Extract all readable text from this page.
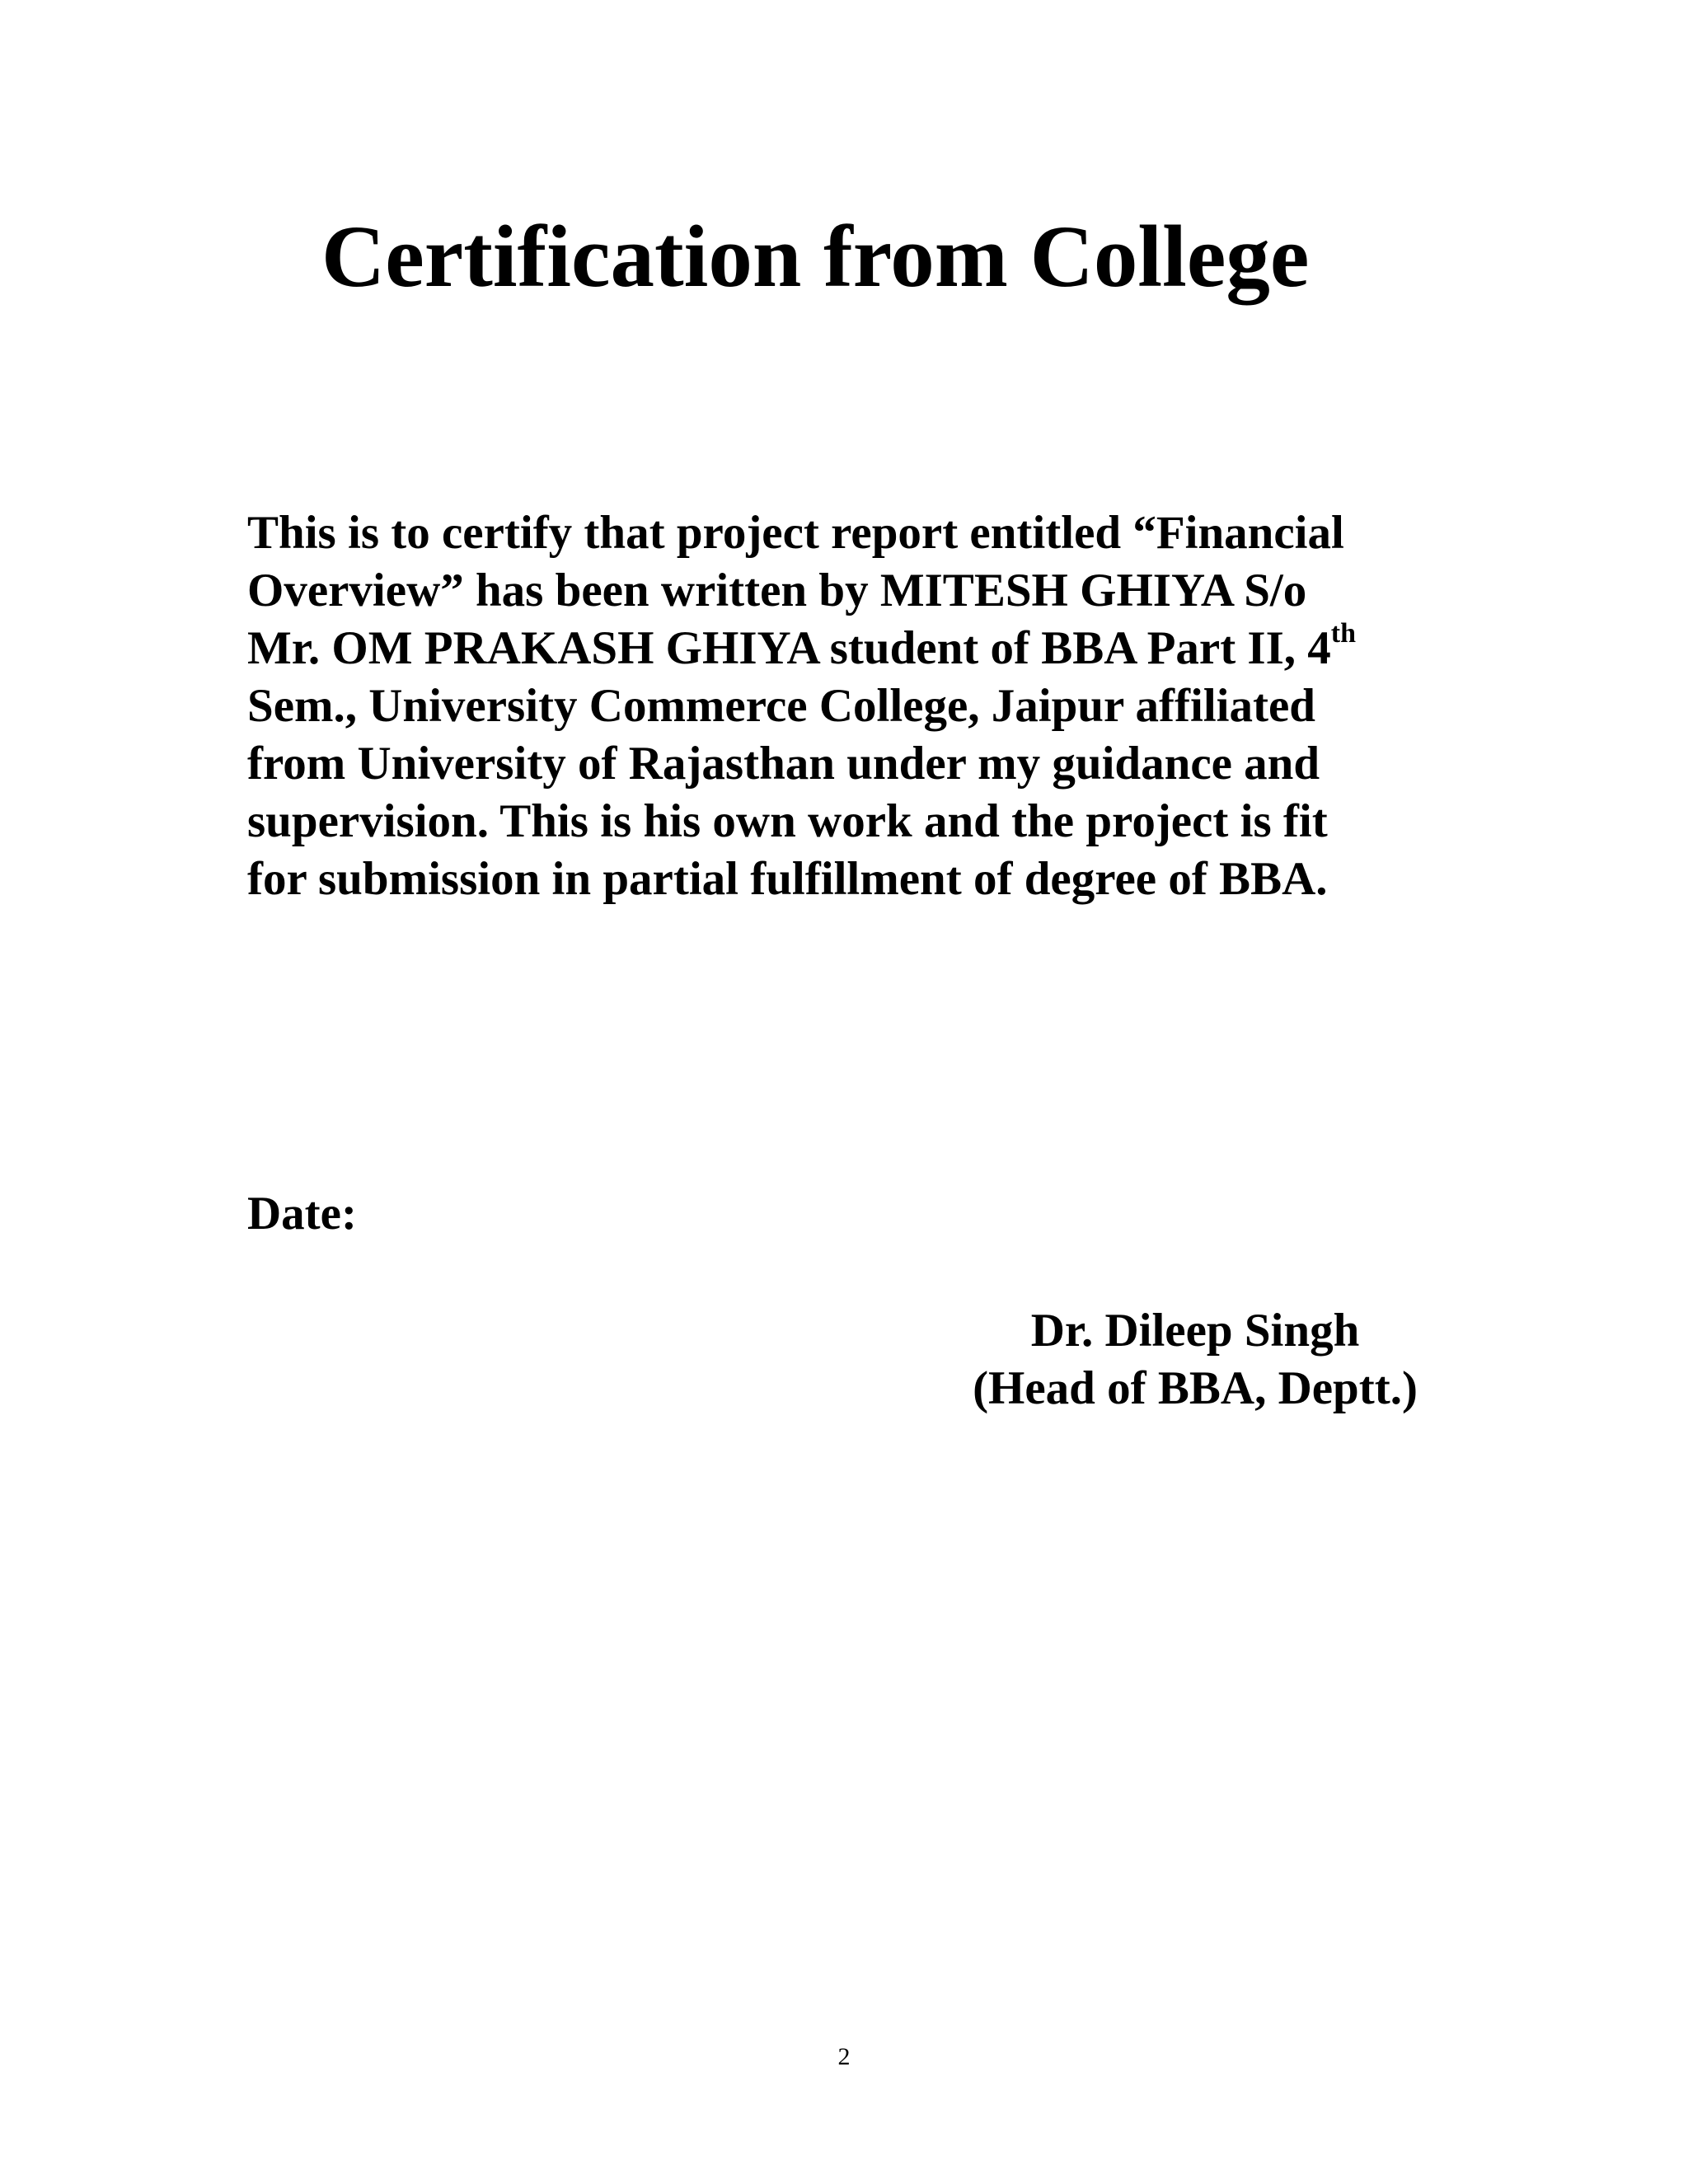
Certification from College
This is to certify that project report entitled “Financial
Overview” has been written by MITESH GHIYA S/o
Mr. OM PRAKASH GHIYA student of BBA Part II, 4th
Sem., University Commerce College, Jaipur affiliated
from University of Rajasthan under my guidance and
supervision. This is his own work and the project is fit
for submission in partial fulfillment of degree of BBA.
Date:
Dr. Dileep Singh
(Head of BBA, Deptt.)
2
